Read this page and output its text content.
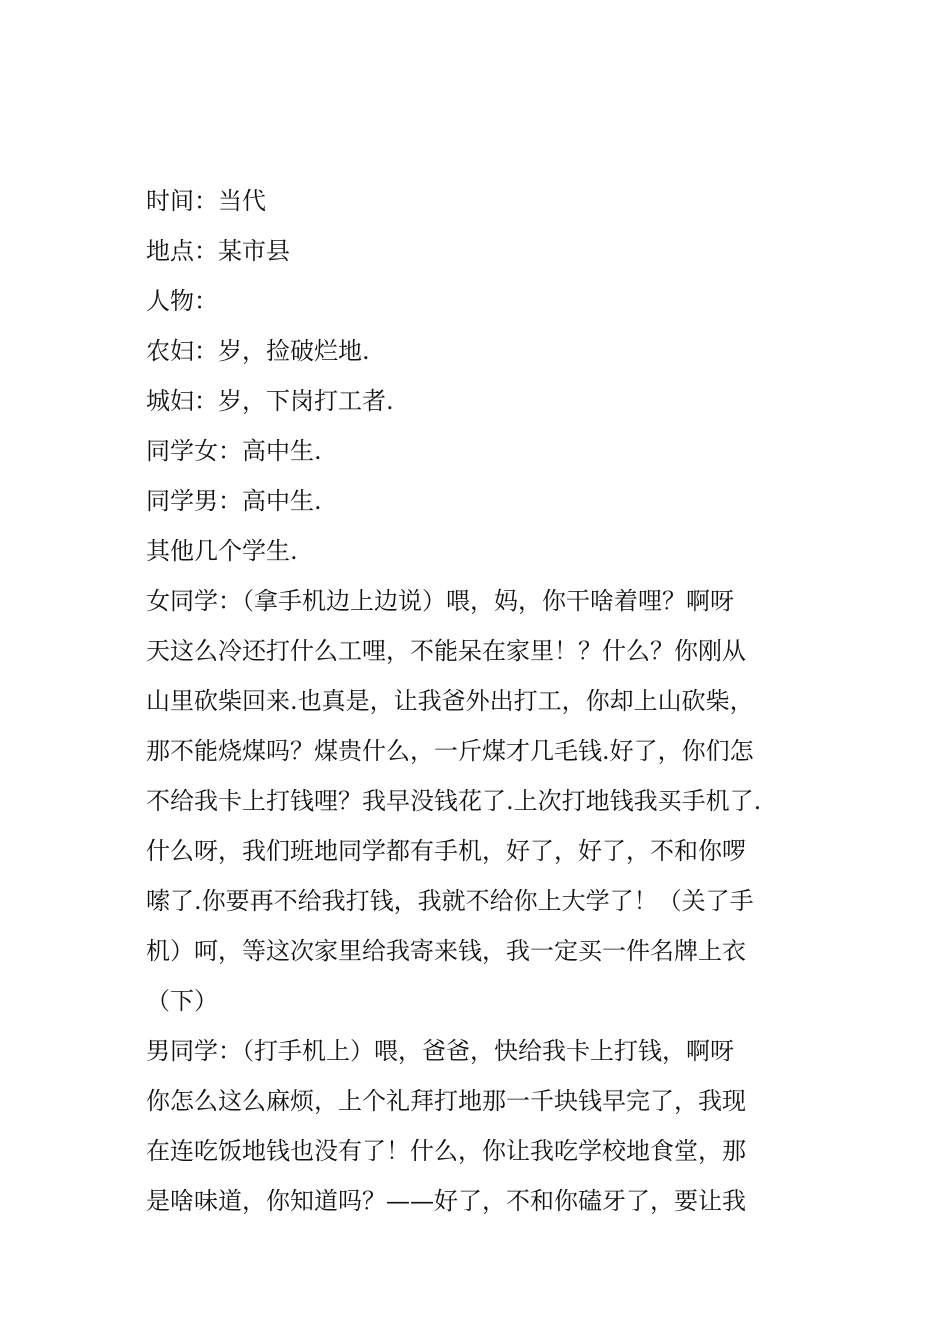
时间：当代
地点：某市县
人物：
农妇：岁，捡破烂地.
城妇：岁，下岗打工者.
同学女：高中生.
同学男：高中生.
其他几个学生.
女同学：（拿手机边上边说）喂，妈，你干啥着哩？啊呀
天这么冷还打什么工哩，不能呆在家里！？什么？你刚从
山里砍柴回来.也真是，让我爸外出打工，你却上山砍柴，
那不能烧煤吗？煤贵什么，一斤煤才几毛钱.好了，你们怎
不给我卡上打钱哩？我早没钱花了.上次打地钱我买手机了.
什么呀，我们班地同学都有手机，好了，好了，不和你啰
嗦了.你要再不给我打钱，我就不给你上大学了！（关了手
机）呵，等这次家里给我寄来钱，我一定买一件名牌上衣
（下）
男同学：（打手机上）喂，爸爸，快给我卡上打钱，啊呀
你怎么这么麻烦，上个礼拜打地那一千块钱早完了，我现
在连吃饭地钱也没有了！什么，你让我吃学校地食堂，那
是啥味道，你知道吗？——好了，不和你磕牙了，要让我
